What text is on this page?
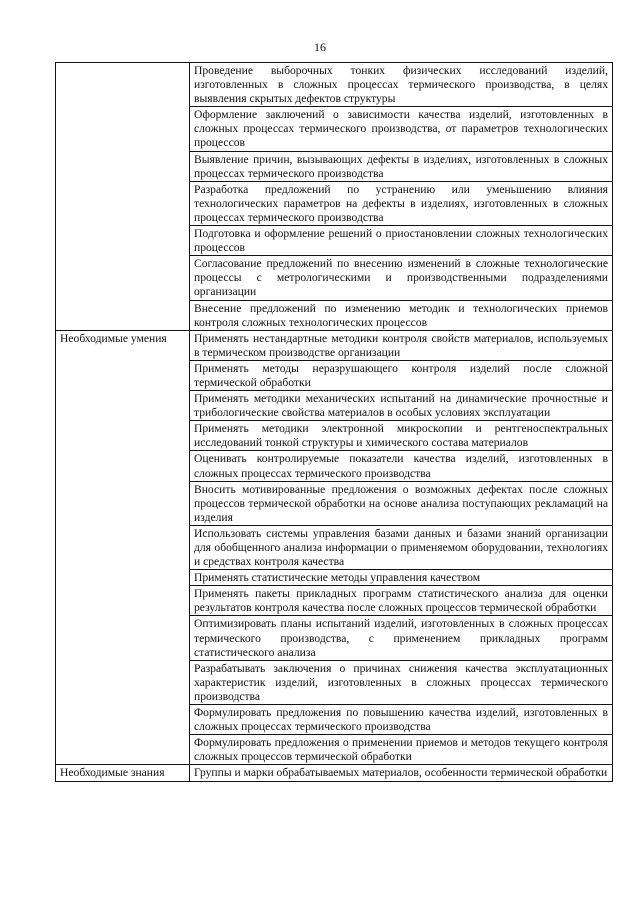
16
	Проведение выборочных тонких физических исследований изделий, изготовленных в сложных процессах термического производства, в целях выявления скрытых дефектов структуры
	Оформление заключений о зависимости качества изделий, изготовленных в сложных процессах термического производства, от параметров технологических процессов
	Выявление причин, вызывающих дефекты в изделиях, изготовленных в сложных процессах термического производства
	Разработка предложений по устранению или уменьшению влияния технологических параметров на дефекты в изделиях, изготовленных в сложных процессах термического производства
	Подготовка и оформление решений о приостановлении сложных технологических процессов
	Согласование предложений по внесению изменений в сложные технологические процессы с метрологическими и производственными подразделениями организации
	Внесение предложений по изменению методик и технологических приемов контроля сложных технологических процессов
Необходимые умения	Применять нестандартные методики контроля свойств материалов, используемых в термическом производстве организации
	Применять методы неразрушающего контроля изделий после сложной термической обработки
	Применять методики механических испытаний на динамические прочностные и трибологические свойства материалов в особых условиях эксплуатации
	Применять методики электронной микроскопии и рентгеноспектральных исследований тонкой структуры и химического состава материалов
	Оценивать контролируемые показатели качества изделий, изготовленных в сложных процессах термического производства
	Вносить мотивированные предложения о возможных дефектах после сложных процессов термической обработки на основе анализа поступающих рекламаций на изделия
	Использовать системы управления базами данных и базами знаний организации для обобщенного анализа информации о применяемом оборудовании, технологиях и средствах контроля качества
	Применять статистические методы управления качеством
	Применять пакеты прикладных программ статистического анализа для оценки результатов контроля качества после сложных процессов термической обработки
	Оптимизировать планы испытаний изделий, изготовленных в сложных процессах термического производства, с применением прикладных программ статистического анализа
	Разрабатывать заключения о причинах снижения качества эксплуатационных характеристик изделий, изготовленных в сложных процессах термического производства
	Формулировать предложения по повышению качества изделий, изготовленных в сложных процессах термического производства
	Формулировать предложения о применении приемов и методов текущего контроля сложных процессов термической обработки
Необходимые знания	Группы и марки обрабатываемых материалов, особенности термической обработки
